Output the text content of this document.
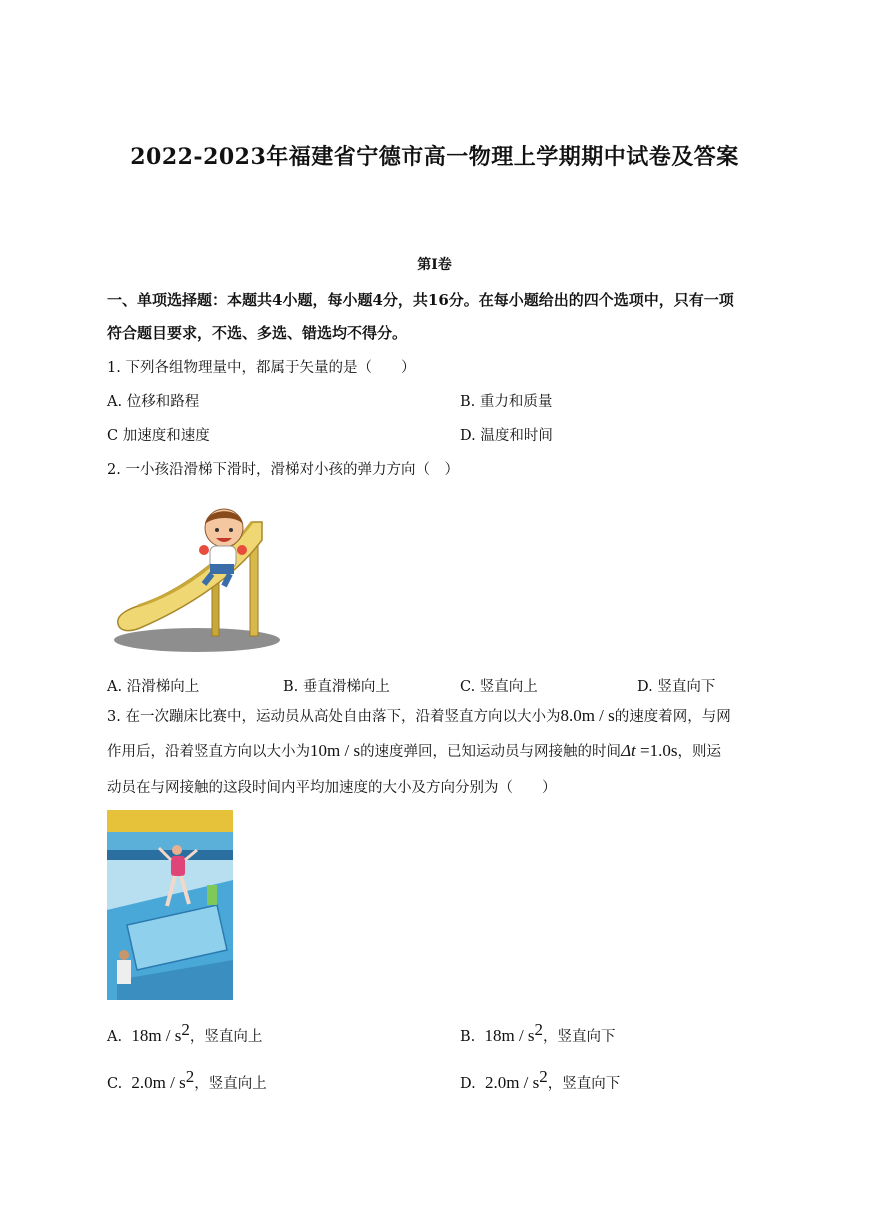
2022-2023年福建省宁德市高一物理上学期期中试卷及答案
第Ⅰ卷
一、单项选择题：本题共4小题，每小题4分，共16分。在每小题给出的四个选项中，只有一项
符合题目要求，不选、多选、错选均不得分。
1. 下列各组物理量中，都属于矢量的是（　　）
A. 位移和路程	B. 重力和质量
C 加速度和速度	D. 温度和时间
2. 一小孩沿滑梯下滑时，滑梯对小孩的弹力方向（　）
A. 沿滑梯向上	B. 垂直滑梯向上	C. 竖直向上	D. 竖直向下
3. 在一次蹦床比赛中，运动员从高处自由落下，沿着竖直方向以大小为8.0m / s的速度着网，与网
作用后，沿着竖直方向以大小为10m / s的速度弹回，已知运动员与网接触的时间Δt =1.0s，则运
动员在与网接触的这段时间内平均加速度的大小及方向分别为（　　）
A. $18m / s^2$，竖直向上	B. $18m / s^2$，竖直向下
C. $2.0m / s^2$，竖直向上	D. $2.0m / s^2$，竖直向下
